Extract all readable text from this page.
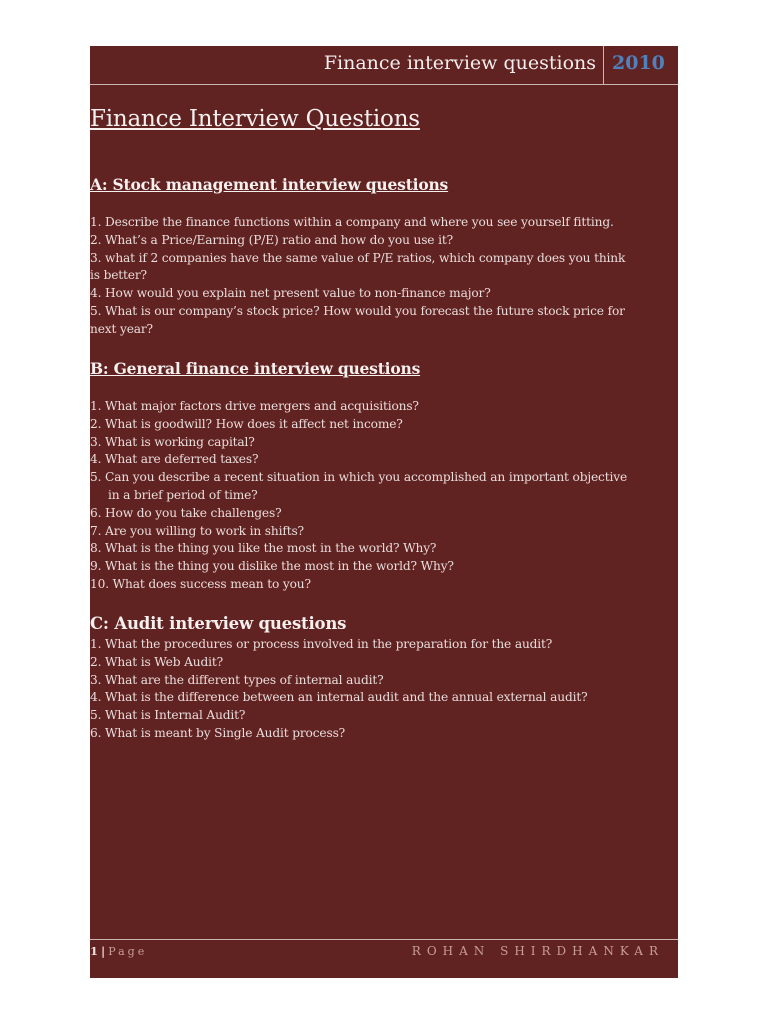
Finance interview questions 2010
Finance Interview Questions
A: Stock management interview questions
1. Describe the finance functions within a company and where you see yourself fitting.
2. What’s a Price/Earning (P/E) ratio and how do you use it?
3. what if 2 companies have the same value of P/E ratios, which company does you think
is better?
4. How would you explain net present value to non-finance major?
5. What is our company’s stock price? How would you forecast the future stock price for
next year?
B: General finance interview questions
1. What major factors drive mergers and acquisitions?
2. What is goodwill? How does it affect net income?
3. What is working capital?
4. What are deferred taxes?
5. Can you describe a recent situation in which you accomplished an important objective
in a brief period of time?
6. How do you take challenges?
7. Are you willing to work in shifts?
8. What is the thing you like the most in the world? Why?
9. What is the thing you dislike the most in the world? Why?
10. What does success mean to you?
C: Audit interview questions
1. What the procedures or process involved in the preparation for the audit?
2. What is Web Audit?
3. What are the different types of internal audit?
4. What is the difference between an internal audit and the annual external audit?
5. What is Internal Audit?
6. What is meant by Single Audit process?
1 | Page	ROHAN SHIRDHANKAR
